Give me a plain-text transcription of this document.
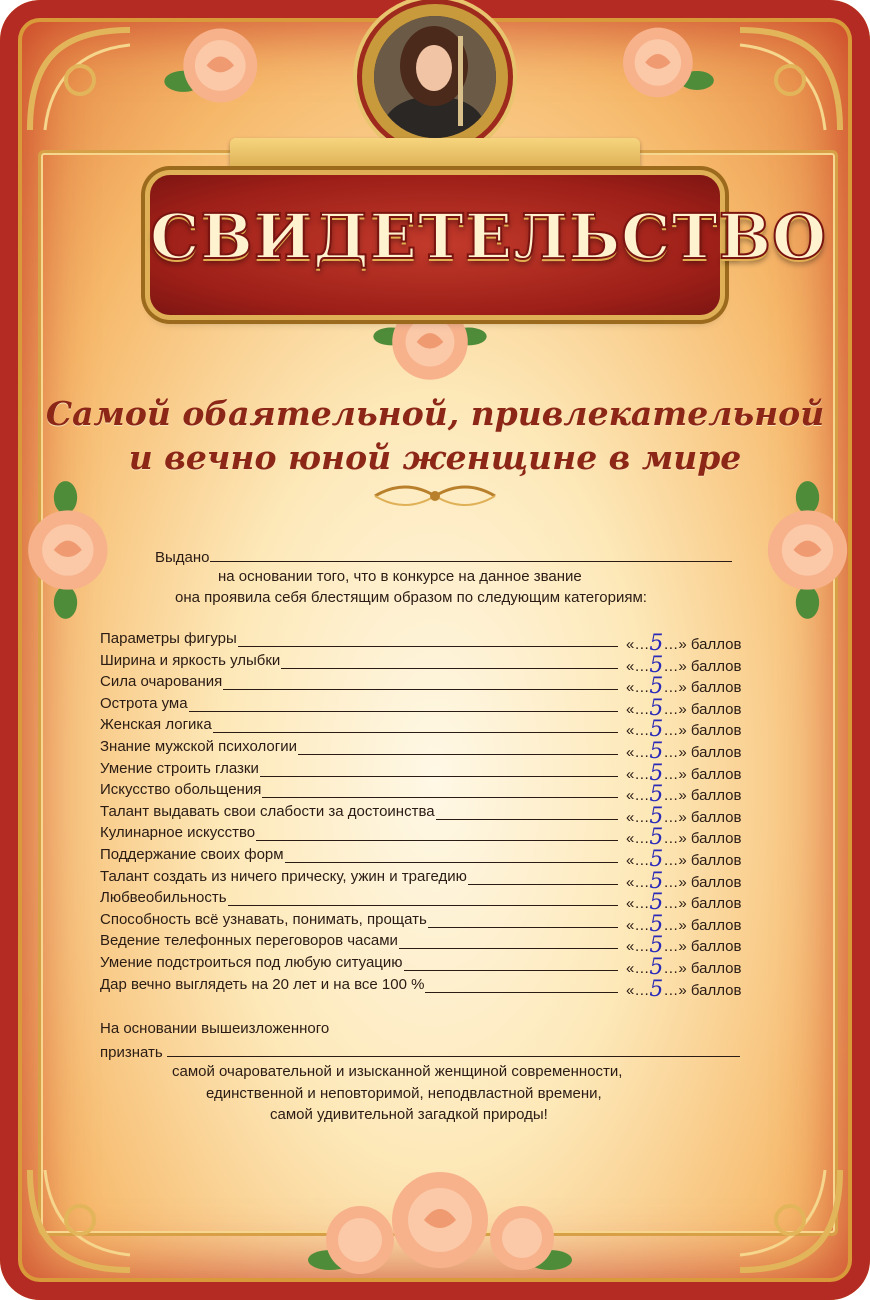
СВИДЕТЕЛЬСТВО
Самой обаятельной, привлекательной
и вечно юной женщине в мире
Выдано
на основании того, что в конкурсе на данное звание
она проявила себя блестящим образом по следующим категориям:
Параметры фигуры	«…5…» баллов
Ширина и яркость улыбки	«…5…» баллов
Сила очарования	«…5…» баллов
Острота ума	«…5…» баллов
Женская логика	«…5…» баллов
Знание мужской психологии	«…5…» баллов
Умение строить глазки	«…5…» баллов
Искусство обольщения	«…5…» баллов
Талант выдавать свои слабости за достоинства	«…5…» баллов
Кулинарное искусство	«…5…» баллов
Поддержание своих форм	«…5…» баллов
Талант создать из ничего прическу, ужин и трагедию	«…5…» баллов
Любвеобильность	«…5…» баллов
Способность всё узнавать, понимать, прощать	«…5…» баллов
Ведение телефонных переговоров часами	«…5…» баллов
Умение подстроиться под любую ситуацию	«…5…» баллов
Дар вечно выглядеть на 20 лет и на все 100 %	«…5…» баллов
На основании вышеизложенного
признать
самой очаровательной и изысканной женщиной современности,
единственной и неповторимой, неподвластной времени,
самой удивительной загадкой природы!
